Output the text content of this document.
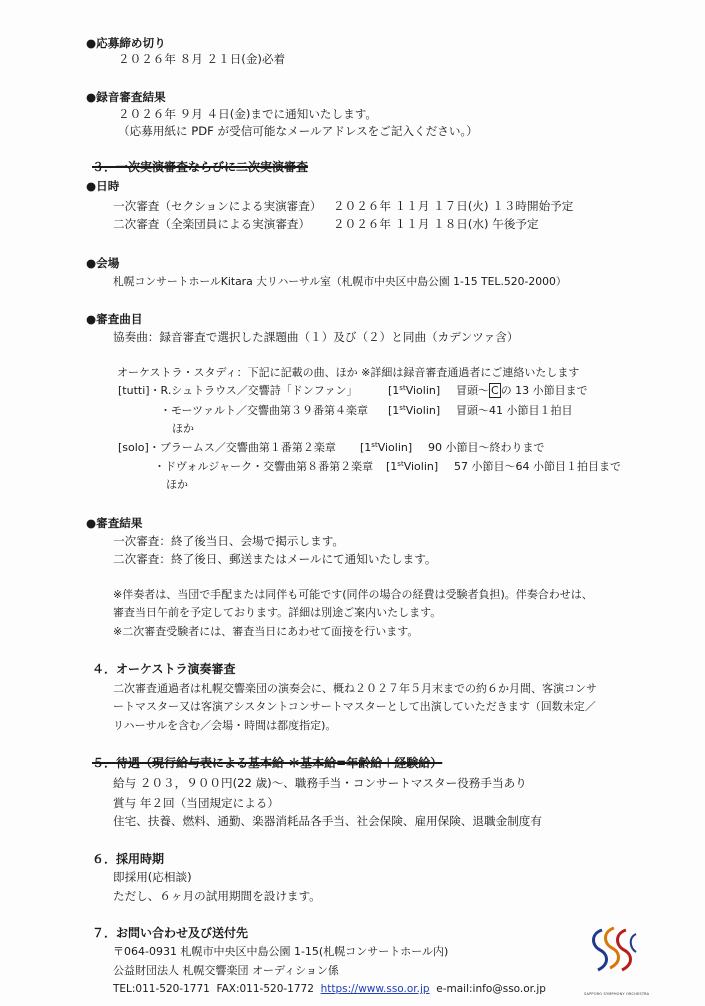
●応募締め切り
２０２６年 ８月 ２１日(金)必着
●録音審査結果
２０２６年 ９月 ４日(金)までに通知いたします。
（応募用紙に PDF が受信可能なメールアドレスをご記入ください。）
３．一次実演審査ならびに二次実演審査
●日時
一次審査（セクションによる実演審査） ２０２６年 １１月 １７日(火) １３時開始予定
二次審査（全楽団員による実演審査） ２０２６年 １１月 １８日(水) 午後予定
●会場
札幌コンサートホールKitara 大リハーサル室（札幌市中央区中島公園 1-15 TEL.520-2000）
●審査曲目
協奏曲：録音審査で選択した課題曲（１）及び（２）と同曲（カデンツァ含）
オーケストラ・スタディ：下記に記載の曲、ほか ※詳細は録音審査通過者にご連絡いたします
[tutti]・R.シュトラウス／交響詩「ドンファン」	[1stViolin] 冒頭～ C の 13 小節目まで
・モーツァルト／交響曲第３９番第４楽章 [1stViolin] 冒頭～41 小節目１拍目
ほか
[solo]・ブラームス／交響曲第１番第２楽章 [1stViolin] 90 小節目～終わりまで
・ドヴォルジャーク・交響曲第８番第２楽章 [1stViolin] 57 小節目～64 小節目１拍目まで
ほか
●審査結果
一次審査：終了後当日、会場で掲示します。
二次審査：終了後日、郵送またはメールにて通知いたします。
※伴奏者は、当団で手配または同伴も可能です(同伴の場合の経費は受験者負担)。伴奏合わせは、
審査当日午前を予定しております。詳細は別途ご案内いたします。
※二次審査受験者には、審査当日にあわせて面接を行います。
４．オーケストラ演奏審査
二次審査通過者は札幌交響楽団の演奏会に、概ね２０２７年５月末までの約６か月間、客演コンサ
ートマスター又は客演アシスタントコンサートマスターとして出演していただきます（回数未定／
リハーサルを含む／会場・時間は都度指定)。
５．待遇（現行給与表による基本給 ＊基本給=年齢給＋経験給）
給与 ２０３，９００円(22 歳)～、職務手当・コンサートマスター役務手当あり
賞与 年２回（当団規定による）
住宅、扶養、燃料、通勤、楽器消耗品各手当、社会保険、雇用保険、退職金制度有
６．採用時期
即採用(応相談)
ただし、６ヶ月の試用期間を設けます。
７．お問い合わせ及び送付先
〒064-0931 札幌市中央区中島公園 1-15(札幌コンサートホール内)
公益財団法人 札幌交響楽団 オーディション係
TEL:011-520-1771 FAX:011-520-1772 https://www.sso.or.jp e-mail:info@sso.or.jp	SAPPORO SYMPHONY ORCHESTRA
